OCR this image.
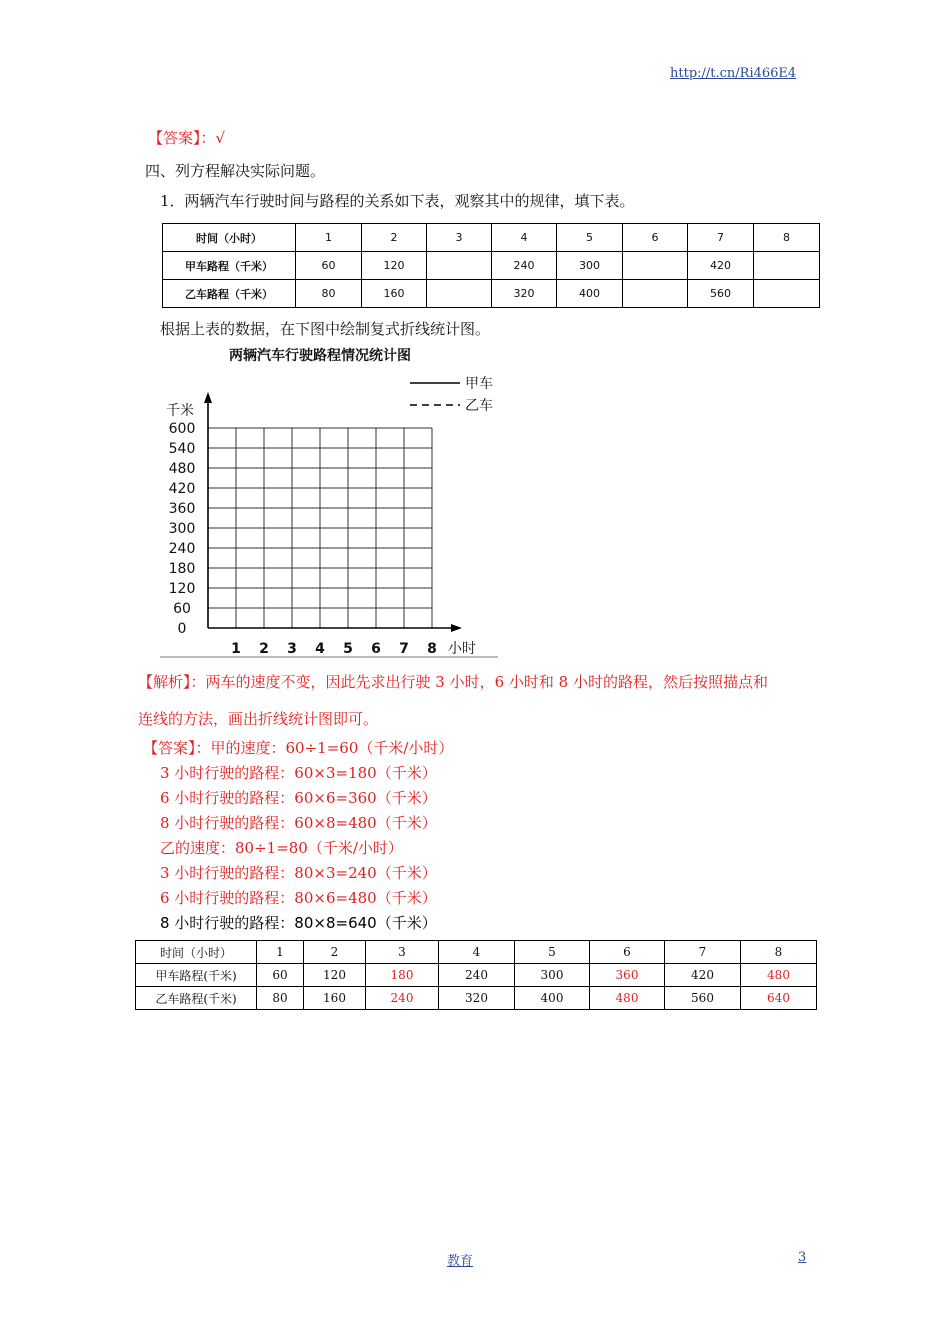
http://t.cn/Ri466E4
【答案】：√
四、列方程解决实际问题。
1．两辆汽车行驶时间与路程的关系如下表，观察其中的规律，填下表。
时间（小时）	1	2	3	4	5	6	7	8
甲车路程（千米）	60	120		240	300		420	
乙车路程（千米）	80	160		320	400		560	
根据上表的数据，在下图中绘制复式折线统计图。
两辆汽车行驶路程情况统计图
0
60
120
180
240
300
360
420
480
540
600
千米
1 2 3 4 5 6 7 8 小时
甲车
乙车
【解析】：两车的速度不变，因此先求出行驶 3 小时，6 小时和 8 小时的路程，然后按照描点和
连线的方法，画出折线统计图即可。
【答案】：甲的速度：60÷1=60（千米/小时）
3 小时行驶的路程：60×3=180（千米）
6 小时行驶的路程：60×6=360（千米）
8 小时行驶的路程：60×8=480（千米）
乙的速度：80÷1=80（千米/小时）
3 小时行驶的路程：80×3=240（千米）
6 小时行驶的路程：80×6=480（千米）
8 小时行驶的路程：80×8=640（千米）
时间（小时）	1	2	3	4	5	6	7	8
甲车路程(千米)	60	120	180	240	300	360	420	480
乙车路程(千米)	80	160	240	320	400	480	560	640
教育	3
